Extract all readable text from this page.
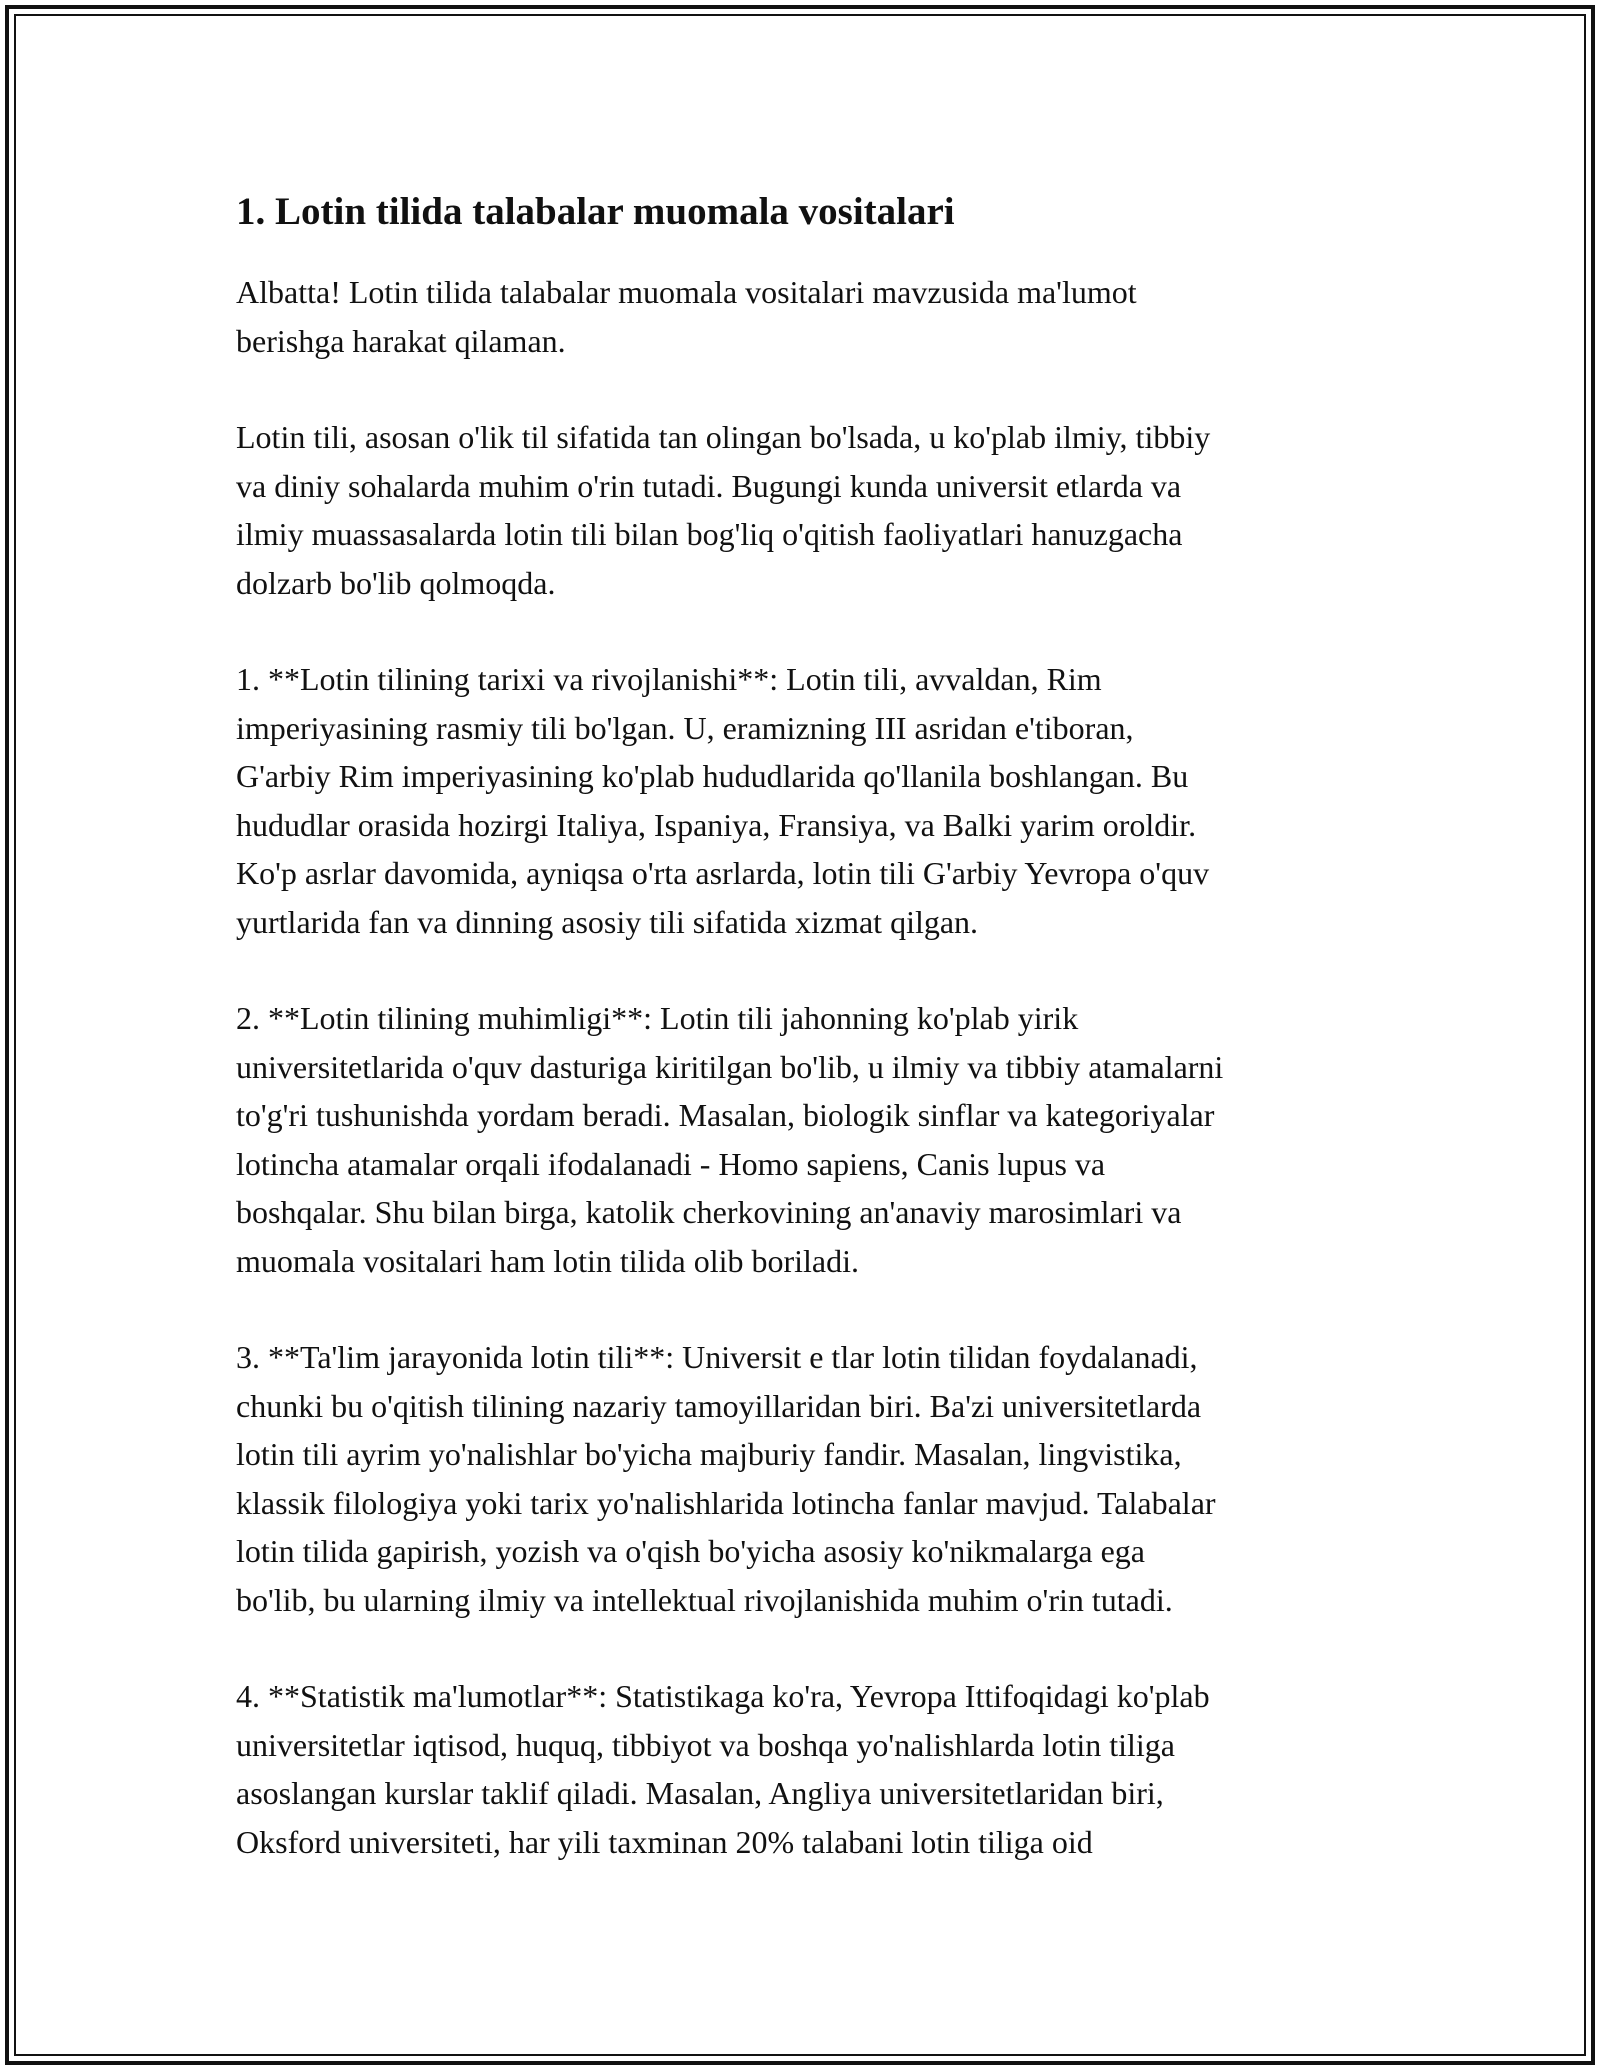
1. Lotin tilida talabalar muomala vositalari

Albatta! Lotin tilida talabalar muomala vositalari mavzusida ma'lumot
berishga harakat qilaman.

Lotin tili, asosan o'lik til sifatida tan olingan bo'lsada, u ko'plab ilmiy, tibbiy
va diniy sohalarda muhim o'rin tutadi. Bugungi kunda universit etlarda va
ilmiy muassasalarda lotin tili bilan bog'liq o'qitish faoliyatlari hanuzgacha
dolzarb bo'lib qolmoqda.

1. **Lotin tilining tarixi va rivojlanishi**: Lotin tili, avvaldan, Rim
imperiyasining rasmiy tili bo'lgan. U, eramizning III asridan e'tiboran,
G'arbiy Rim imperiyasining ko'plab hududlarida qo'llanila boshlangan. Bu
hududlar orasida hozirgi Italiya, Ispaniya, Fransiya, va Balki yarim oroldir.
Ko'p asrlar davomida, ayniqsa o'rta asrlarda, lotin tili G'arbiy Yevropa o'quv
yurtlarida fan va dinning asosiy tili sifatida xizmat qilgan.

2. **Lotin tilining muhimligi**: Lotin tili jahonning ko'plab yirik
universitetlarida o'quv dasturiga kiritilgan bo'lib, u ilmiy va tibbiy atamalarni
to'g'ri tushunishda yordam beradi. Masalan, biologik sinflar va kategoriyalar
lotincha atamalar orqali ifodalanadi - Homo sapiens, Canis lupus va
boshqalar. Shu bilan birga, katolik cherkovining an'anaviy marosimlari va
muomala vositalari ham lotin tilida olib boriladi.

3. **Ta'lim jarayonida lotin tili**: Universit e tlar lotin tilidan foydalanadi,
chunki bu o'qitish tilining nazariy tamoyillaridan biri. Ba'zi universitetlarda
lotin tili ayrim yo'nalishlar bo'yicha majburiy fandir. Masalan, lingvistika,
klassik filologiya yoki tarix yo'nalishlarida lotincha fanlar mavjud. Talabalar
lotin tilida gapirish, yozish va o'qish bo'yicha asosiy ko'nikmalarga ega
bo'lib, bu ularning ilmiy va intellektual rivojlanishida muhim o'rin tutadi.

4. **Statistik ma'lumotlar**: Statistikaga ko'ra, Yevropa Ittifoqidagi ko'plab
universitetlar iqtisod, huquq, tibbiyot va boshqa yo'nalishlarda lotin tiliga
asoslangan kurslar taklif qiladi. Masalan, Angliya universitetlaridan biri,
Oksford universiteti, har yili taxminan 20% talabani lotin tiliga oid
